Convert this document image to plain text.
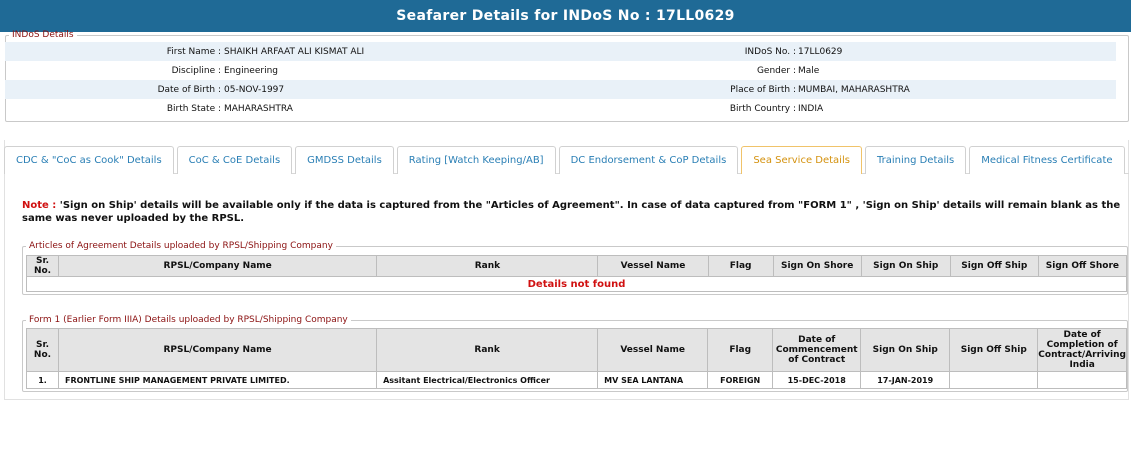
Seafarer Details for INDoS No : 17LL0629
INDoS Details
First Name : SHAIKH ARFAAT ALI KISMAT ALI	INDoS No. : 17LL0629
Discipline : Engineering	Gender : Male
Date of Birth : 05-NOV-1997	Place of Birth : MUMBAI, MAHARASHTRA
Birth State : MAHARASHTRA	Birth Country : INDIA
CDC & "CoC as Cook" Details	CoC & CoE Details	GMDSS Details	Rating [Watch Keeping/AB]	DC Endorsement & CoP Details	Sea Service Details	Training Details	Medical Fitness Certificate
Note : 'Sign on Ship' details will be available only if the data is captured from the "Articles of Agreement". In case of data captured from "FORM 1" , 'Sign on Ship' details will remain blank as the same was never uploaded by the RPSL.
Articles of Agreement Details uploaded by RPSL/Shipping Company
Sr. No.	RPSL/Company Name	Rank	Vessel Name	Flag	Sign On Shore	Sign On Ship	Sign Off Ship	Sign Off Shore
Details not found
Form 1 (Earlier Form IIIA) Details uploaded by RPSL/Shipping Company
Sr. No.	RPSL/Company Name	Rank	Vessel Name	Flag	Date of Commencement of Contract	Sign On Ship	Sign Off Ship	Date of Completion of Contract/Arriving India
1.	FRONTLINE SHIP MANAGEMENT PRIVATE LIMITED.	Assitant Electrical/Electronics Officer	MV SEA LANTANA	FOREIGN	15-DEC-2018	17-JAN-2019		
